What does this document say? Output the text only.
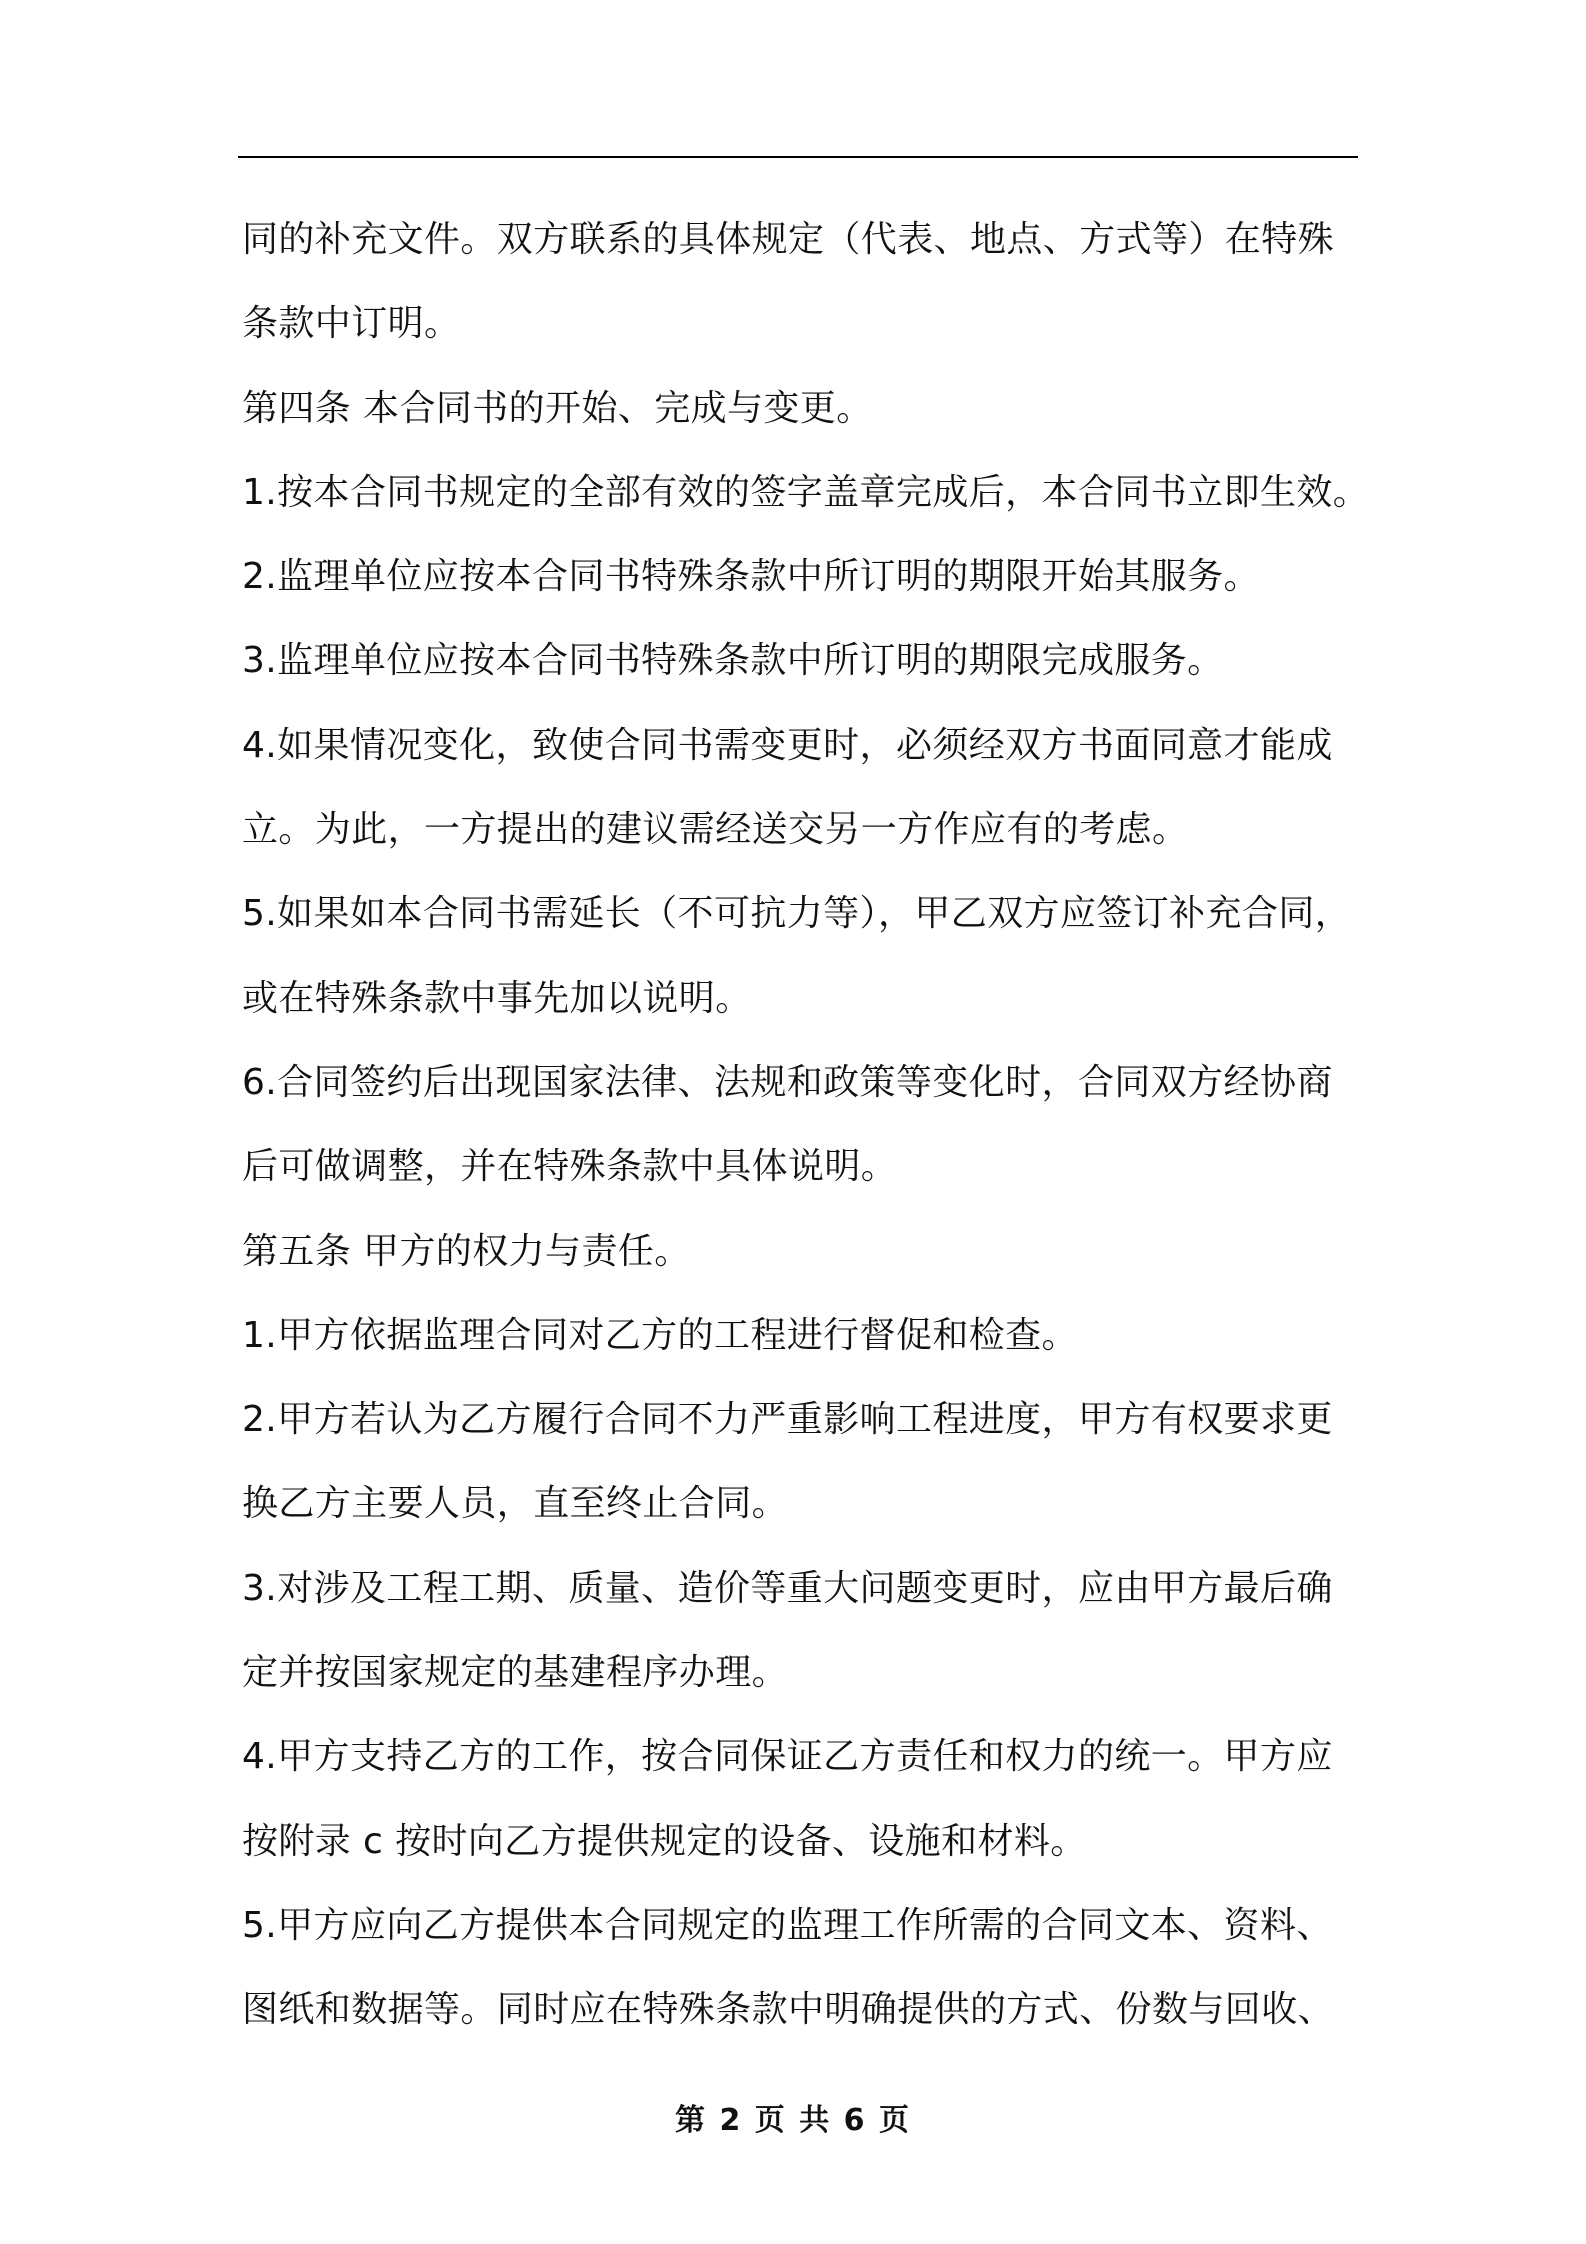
同的补充文件。双方联系的具体规定（代表、地点、方式等）在特殊
条款中订明。
第四条 本合同书的开始、完成与变更。
1.按本合同书规定的全部有效的签字盖章完成后，本合同书立即生效。
2.监理单位应按本合同书特殊条款中所订明的期限开始其服务。
3.监理单位应按本合同书特殊条款中所订明的期限完成服务。
4.如果情况变化，致使合同书需变更时，必须经双方书面同意才能成
立。为此，一方提出的建议需经送交另一方作应有的考虑。
5.如果如本合同书需延长（不可抗力等），甲乙双方应签订补充合同，
或在特殊条款中事先加以说明。
6.合同签约后出现国家法律、法规和政策等变化时，合同双方经协商
后可做调整，并在特殊条款中具体说明。
第五条 甲方的权力与责任。
1.甲方依据监理合同对乙方的工程进行督促和检查。
2.甲方若认为乙方履行合同不力严重影响工程进度，甲方有权要求更
换乙方主要人员，直至终止合同。
3.对涉及工程工期、质量、造价等重大问题变更时，应由甲方最后确
定并按国家规定的基建程序办理。
4.甲方支持乙方的工作，按合同保证乙方责任和权力的统一。甲方应
按附录 c 按时向乙方提供规定的设备、设施和材料。
5.甲方应向乙方提供本合同规定的监理工作所需的合同文本、资料、
图纸和数据等。同时应在特殊条款中明确提供的方式、份数与回收、
第 2 页 共 6 页
